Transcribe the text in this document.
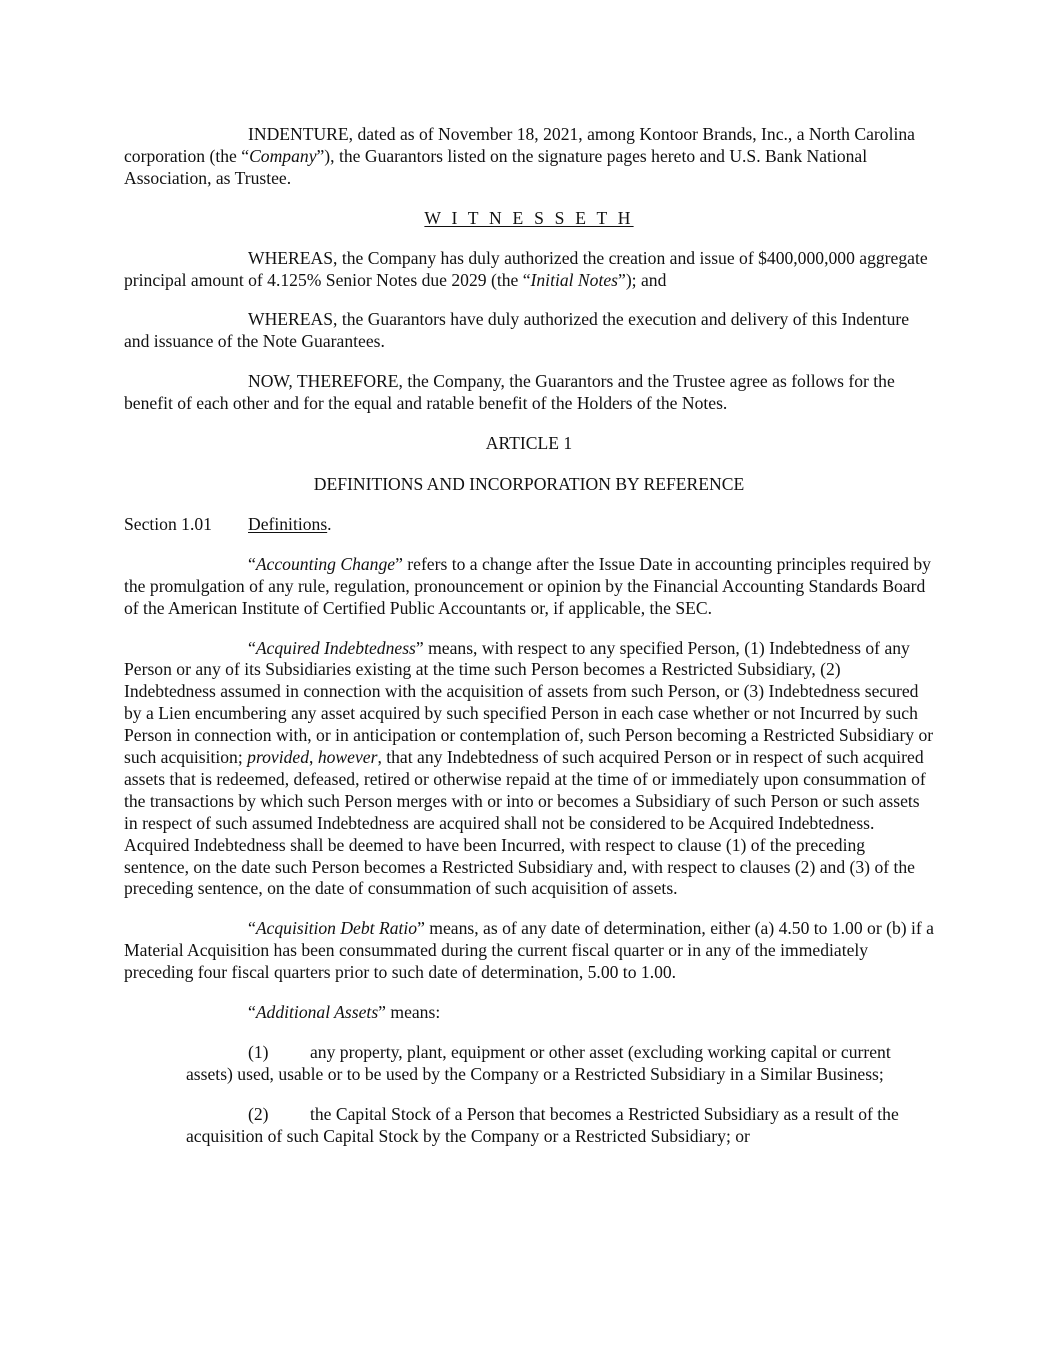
INDENTURE, dated as of November 18, 2021, among Kontoor Brands, Inc., a North Carolina corporation (the “Company”), the Guarantors listed on the signature pages hereto and U.S. Bank National Association, as Trustee.

W I T N E S S E T H

WHEREAS, the Company has duly authorized the creation and issue of $400,000,000 aggregate principal amount of 4.125% Senior Notes due 2029 (the “Initial Notes”); and

WHEREAS, the Guarantors have duly authorized the execution and delivery of this Indenture and issuance of the Note Guarantees.

NOW, THEREFORE, the Company, the Guarantors and the Trustee agree as follows for the benefit of each other and for the equal and ratable benefit of the Holders of the Notes.

ARTICLE 1

DEFINITIONS AND INCORPORATION BY REFERENCE

Section 1.01	Definitions.

“Accounting Change” refers to a change after the Issue Date in accounting principles required by the promulgation of any rule, regulation, pronouncement or opinion by the Financial Accounting Standards Board of the American Institute of Certified Public Accountants or, if applicable, the SEC.

“Acquired Indebtedness” means, with respect to any specified Person, (1) Indebtedness of any Person or any of its Subsidiaries existing at the time such Person becomes a Restricted Subsidiary, (2) Indebtedness assumed in connection with the acquisition of assets from such Person, or (3) Indebtedness secured by a Lien encumbering any asset acquired by such specified Person in each case whether or not Incurred by such Person in connection with, or in anticipation or contemplation of, such Person becoming a Restricted Subsidiary or such acquisition; provided, however, that any Indebtedness of such acquired Person or in respect of such acquired assets that is redeemed, defeased, retired or otherwise repaid at the time of or immediately upon consummation of the transactions by which such Person merges with or into or becomes a Subsidiary of such Person or such assets in respect of such assumed Indebtedness are acquired shall not be considered to be Acquired Indebtedness. Acquired Indebtedness shall be deemed to have been Incurred, with respect to clause (1) of the preceding sentence, on the date such Person becomes a Restricted Subsidiary and, with respect to clauses (2) and (3) of the preceding sentence, on the date of consummation of such acquisition of assets.

“Acquisition Debt Ratio” means, as of any date of determination, either (a) 4.50 to 1.00 or (b) if a Material Acquisition has been consummated during the current fiscal quarter or in any of the immediately preceding four fiscal quarters prior to such date of determination, 5.00 to 1.00.

“Additional Assets” means:

(1) any property, plant, equipment or other asset (excluding working capital or current assets) used, usable or to be used by the Company or a Restricted Subsidiary in a Similar Business;

(2) the Capital Stock of a Person that becomes a Restricted Subsidiary as a result of the acquisition of such Capital Stock by the Company or a Restricted Subsidiary; or
